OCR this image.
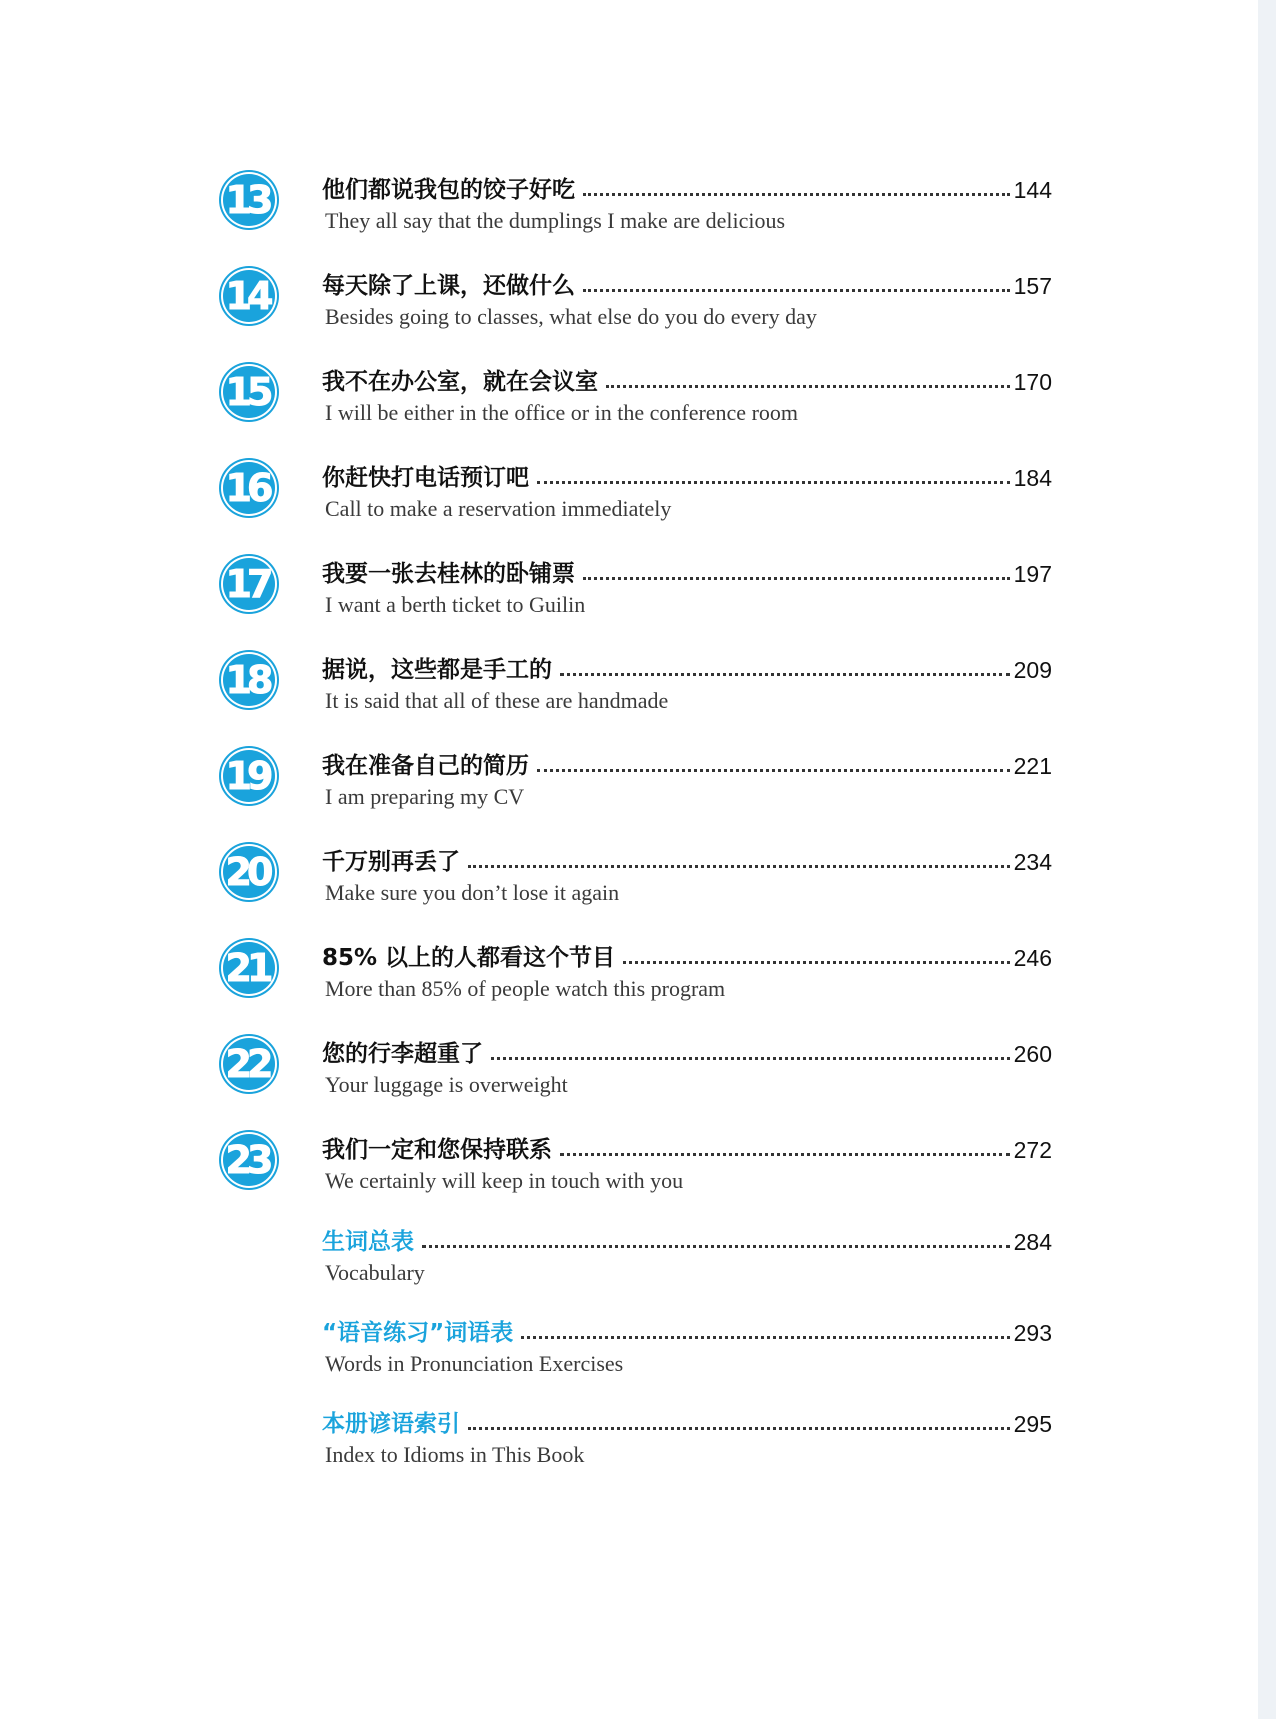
13 他们都说我包的饺子好吃	144
They all say that the dumplings I make are delicious
14 每天除了上课，还做什么	157
Besides going to classes, what else do you do every day
15 我不在办公室，就在会议室	170
I will be either in the office or in the conference room
16 你赶快打电话预订吧	184
Call to make a reservation immediately
17 我要一张去桂林的卧铺票	197
I want a berth ticket to Guilin
18 据说，这些都是手工的	209
It is said that all of these are handmade
19 我在准备自己的简历	221
I am preparing my CV
20 千万别再丢了	234
Make sure you don’t lose it again
21 85% 以上的人都看这个节目	246
More than 85% of people watch this program
22 您的行李超重了	260
Your luggage is overweight
23 我们一定和您保持联系	272
We certainly will keep in touch with you
生词总表	284
Vocabulary
“语音练习”词语表	293
Words in Pronunciation Exercises
本册谚语索引	295
Index to Idioms in This Book
